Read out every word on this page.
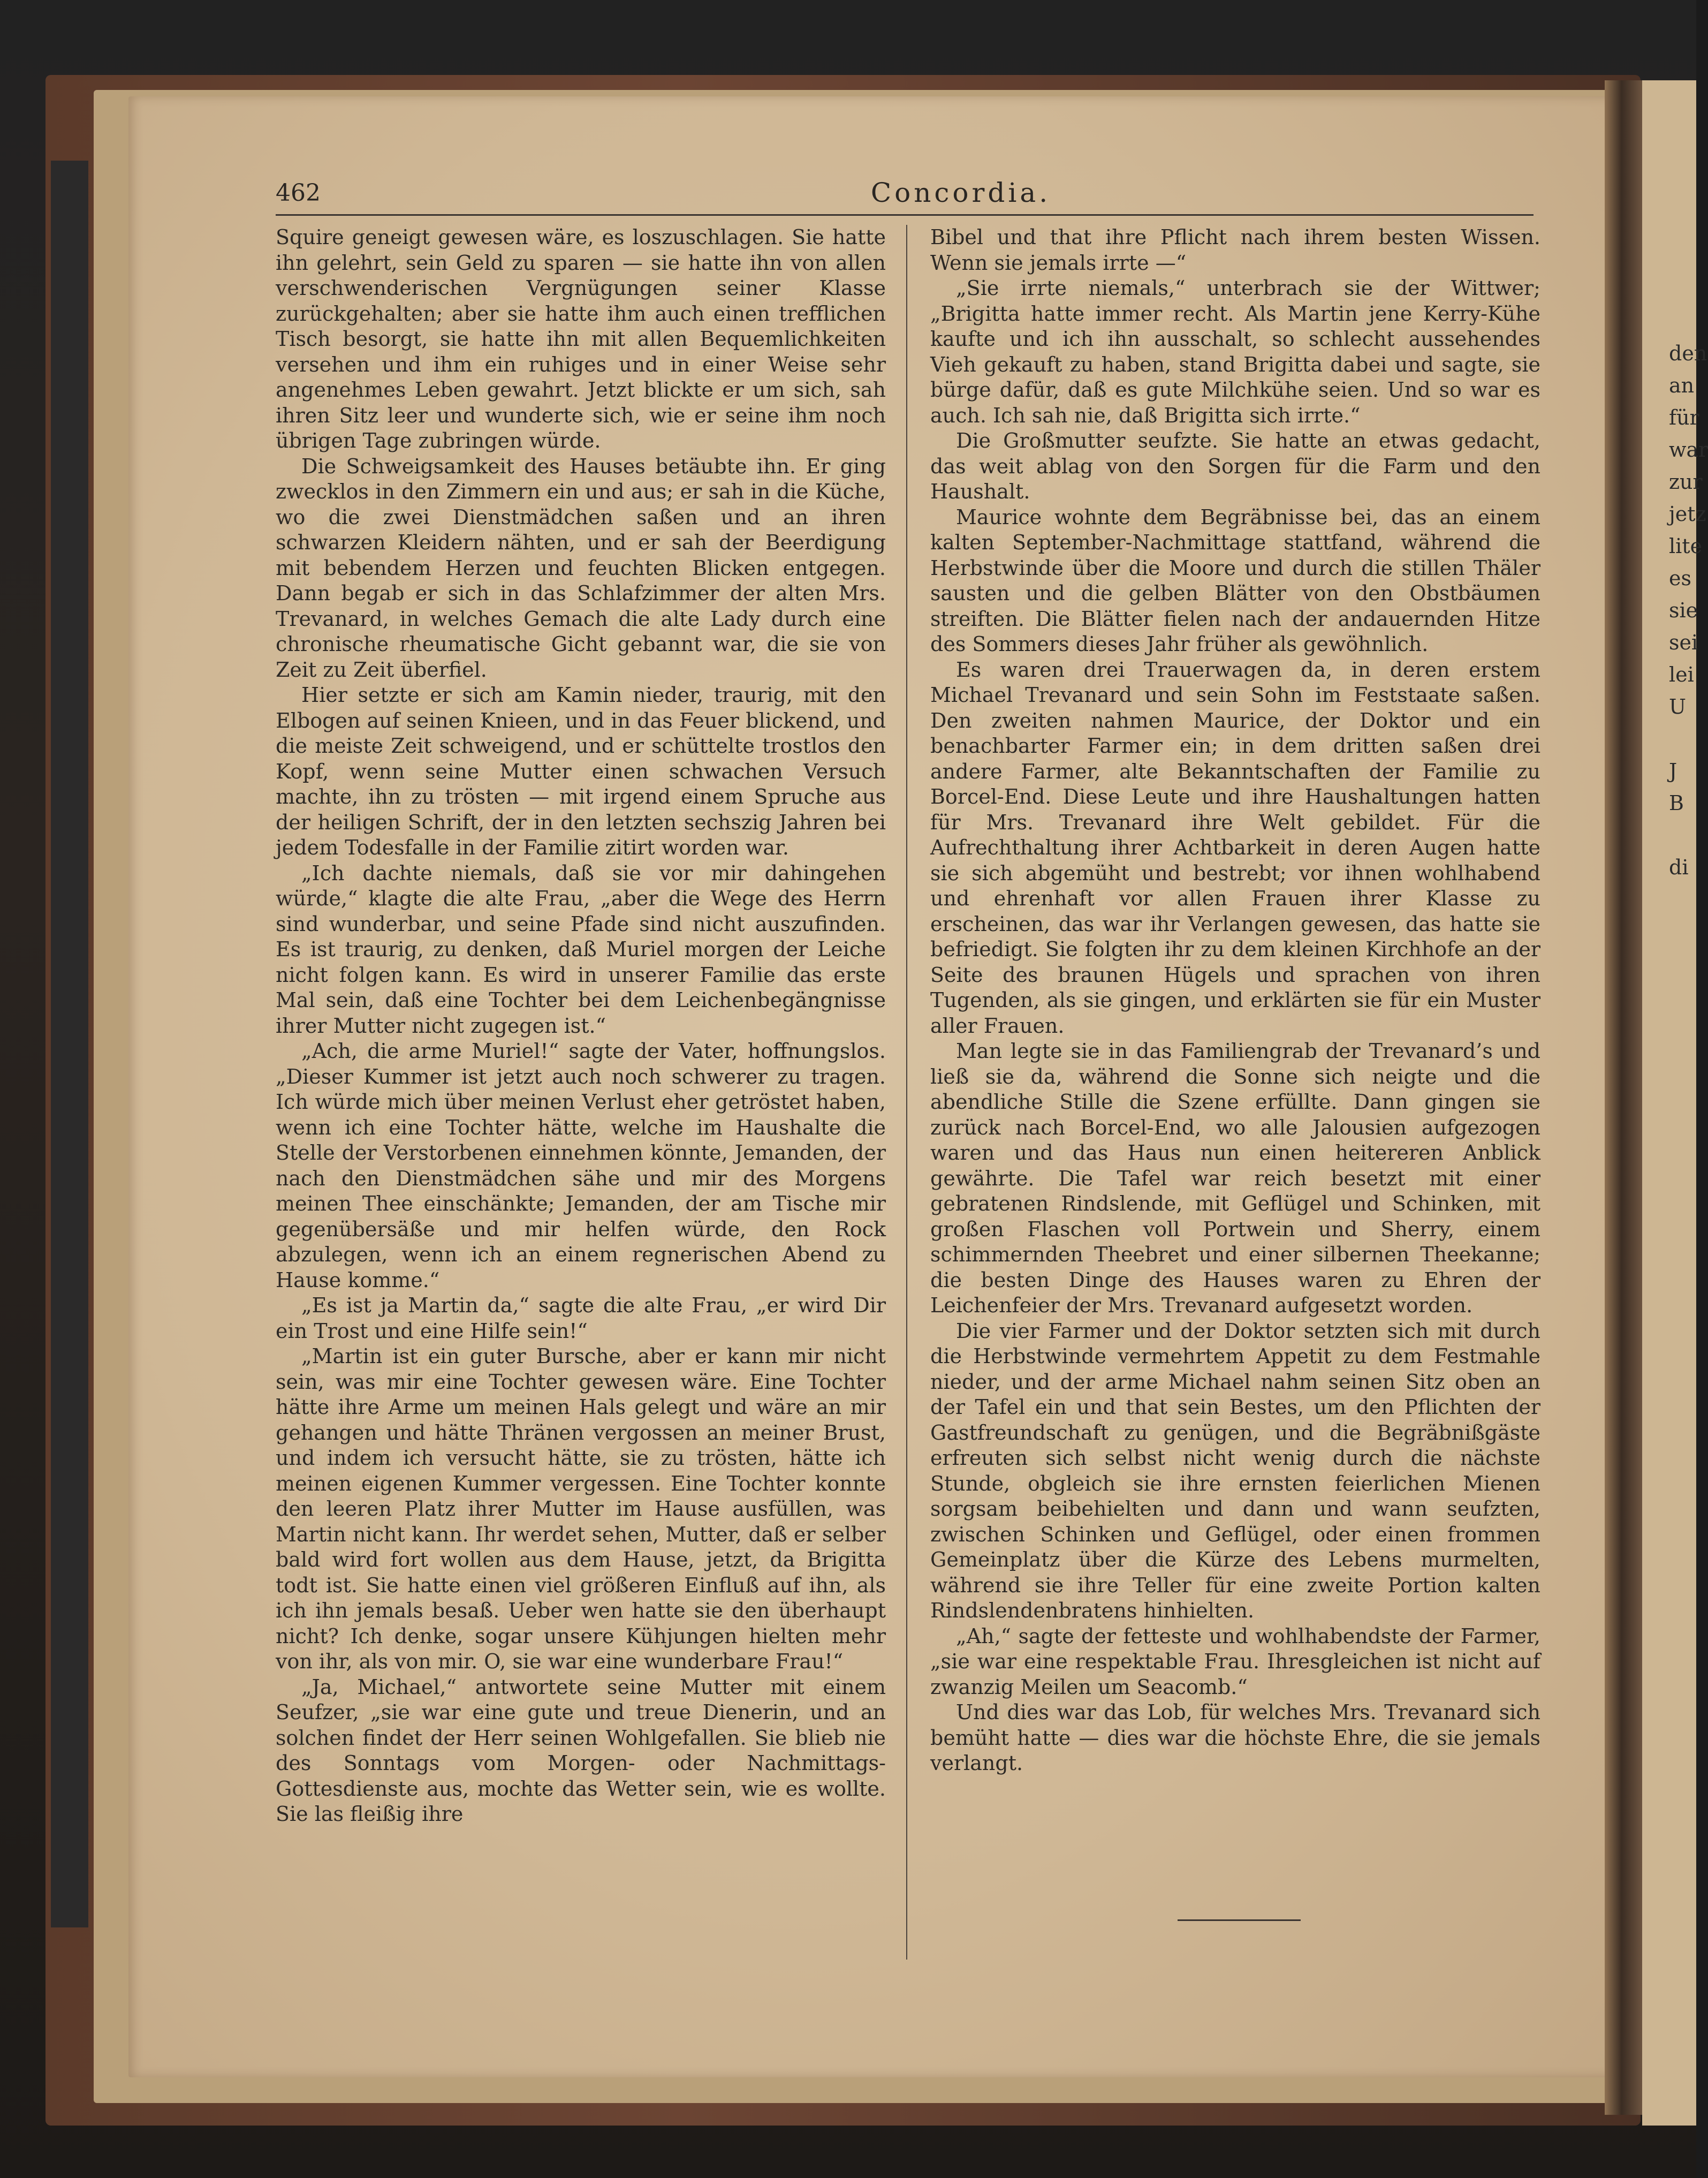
462	Concordia.

Squire geneigt gewesen wäre, es loszuschlagen. Sie hatte ihn gelehrt, sein Geld zu sparen — sie hatte ihn von allen verschwenderischen Vergnügungen seiner Klasse zurückgehalten; aber sie hatte ihm auch einen trefflichen Tisch besorgt, sie hatte ihn mit allen Bequemlichkeiten versehen und ihm ein ruhiges und in einer Weise sehr angenehmes Leben gewahrt. Jetzt blickte er um sich, sah ihren Sitz leer und wunderte sich, wie er seine ihm noch übrigen Tage zubringen würde.

Die Schweigsamkeit des Hauses betäubte ihn. Er ging zwecklos in den Zimmern ein und aus; er sah in die Küche, wo die zwei Dienstmädchen saßen und an ihren schwarzen Kleidern nähten, und er sah der Beerdigung mit bebendem Herzen und feuchten Blicken entgegen. Dann begab er sich in das Schlafzimmer der alten Mrs. Trevanard, in welches Gemach die alte Lady durch eine chronische rheumatische Gicht gebannt war, die sie von Zeit zu Zeit überfiel.

Hier setzte er sich am Kamin nieder, traurig, mit den Elbogen auf seinen Knieen, und in das Feuer blickend, und die meiste Zeit schweigend, und er schüttelte trostlos den Kopf, wenn seine Mutter einen schwachen Versuch machte, ihn zu trösten — mit irgend einem Spruche aus der heiligen Schrift, der in den letzten sechszig Jahren bei jedem Todesfalle in der Familie zitirt worden war.

„Ich dachte niemals, daß sie vor mir dahingehen würde,“ klagte die alte Frau, „aber die Wege des Herrn sind wunderbar, und seine Pfade sind nicht auszufinden. Es ist traurig, zu denken, daß Muriel morgen der Leiche nicht folgen kann. Es wird in unserer Familie das erste Mal sein, daß eine Tochter bei dem Leichenbegängnisse ihrer Mutter nicht zugegen ist.“

„Ach, die arme Muriel!“ sagte der Vater, hoffnungslos. „Dieser Kummer ist jetzt auch noch schwerer zu tragen. Ich würde mich über meinen Verlust eher getröstet haben, wenn ich eine Tochter hätte, welche im Haushalte die Stelle der Verstorbenen einnehmen könnte, Jemanden, der nach den Dienstmädchen sähe und mir des Morgens meinen Thee einschänkte; Jemanden, der am Tische mir gegenübersäße und mir helfen würde, den Rock abzulegen, wenn ich an einem regnerischen Abend zu Hause komme.“

„Es ist ja Martin da,“ sagte die alte Frau, „er wird Dir ein Trost und eine Hilfe sein!“

„Martin ist ein guter Bursche, aber er kann mir nicht sein, was mir eine Tochter gewesen wäre. Eine Tochter hätte ihre Arme um meinen Hals gelegt und wäre an mir gehangen und hätte Thränen vergossen an meiner Brust, und indem ich versucht hätte, sie zu trösten, hätte ich meinen eigenen Kummer vergessen. Eine Tochter konnte den leeren Platz ihrer Mutter im Hause ausfüllen, was Martin nicht kann. Ihr werdet sehen, Mutter, daß er selber bald wird fort wollen aus dem Hause, jetzt, da Brigitta todt ist. Sie hatte einen viel größeren Einfluß auf ihn, als ich ihn jemals besaß. Ueber wen hatte sie den überhaupt nicht? Ich denke, sogar unsere Kühjungen hielten mehr von ihr, als von mir. O, sie war eine wunderbare Frau!“

„Ja, Michael,“ antwortete seine Mutter mit einem Seufzer, „sie war eine gute und treue Dienerin, und an solchen findet der Herr seinen Wohlgefallen. Sie blieb nie des Sonntags vom Morgen- oder Nachmittags-Gottesdienste aus, mochte das Wetter sein, wie es wollte. Sie las fleißig ihre

Bibel und that ihre Pflicht nach ihrem besten Wissen. Wenn sie jemals irrte —“

„Sie irrte niemals,“ unterbrach sie der Wittwer; „Brigitta hatte immer recht. Als Martin jene Kerry-Kühe kaufte und ich ihn ausschalt, so schlecht aussehendes Vieh gekauft zu haben, stand Brigitta dabei und sagte, sie bürge dafür, daß es gute Milchkühe seien. Und so war es auch. Ich sah nie, daß Brigitta sich irrte.“

Die Großmutter seufzte. Sie hatte an etwas gedacht, das weit ablag von den Sorgen für die Farm und den Haushalt.

Maurice wohnte dem Begräbnisse bei, das an einem kalten September-Nachmittage stattfand, während die Herbstwinde über die Moore und durch die stillen Thäler sausten und die gelben Blätter von den Obstbäumen streiften. Die Blätter fielen nach der andauernden Hitze des Sommers dieses Jahr früher als gewöhnlich.

Es waren drei Trauerwagen da, in deren erstem Michael Trevanard und sein Sohn im Feststaate saßen. Den zweiten nahmen Maurice, der Doktor und ein benachbarter Farmer ein; in dem dritten saßen drei andere Farmer, alte Bekanntschaften der Familie zu Borcel-End. Diese Leute und ihre Haushaltungen hatten für Mrs. Trevanard ihre Welt gebildet. Für die Aufrechthaltung ihrer Achtbarkeit in deren Augen hatte sie sich abgemüht und bestrebt; vor ihnen wohlhabend und ehrenhaft vor allen Frauen ihrer Klasse zu erscheinen, das war ihr Verlangen gewesen, das hatte sie befriedigt. Sie folgten ihr zu dem kleinen Kirchhofe an der Seite des braunen Hügels und sprachen von ihren Tugenden, als sie gingen, und erklärten sie für ein Muster aller Frauen.

Man legte sie in das Familiengrab der Trevanard’s und ließ sie da, während die Sonne sich neigte und die abendliche Stille die Szene erfüllte. Dann gingen sie zurück nach Borcel-End, wo alle Jalousien aufgezogen waren und das Haus nun einen heitereren Anblick gewährte. Die Tafel war reich besetzt mit einer gebratenen Rindslende, mit Geflügel und Schinken, mit großen Flaschen voll Portwein und Sherry, einem schimmernden Theebret und einer silbernen Theekanne; die besten Dinge des Hauses waren zu Ehren der Leichenfeier der Mrs. Trevanard aufgesetzt worden.

Die vier Farmer und der Doktor setzten sich mit durch die Herbstwinde vermehrtem Appetit zu dem Festmahle nieder, und der arme Michael nahm seinen Sitz oben an der Tafel ein und that sein Bestes, um den Pflichten der Gastfreundschaft zu genügen, und die Begräbnißgäste erfreuten sich selbst nicht wenig durch die nächste Stunde, obgleich sie ihre ernsten feierlichen Mienen sorgsam beibehielten und dann und wann seufzten, zwischen Schinken und Geflügel, oder einen frommen Gemeinplatz über die Kürze des Lebens murmelten, während sie ihre Teller für eine zweite Portion kalten Rindslendenbratens hinhielten.

„Ah,“ sagte der fetteste und wohlhabendste der Farmer, „sie war eine respektable Frau. Ihresgleichen ist nicht auf zwanzig Meilen um Seacomb.“

Und dies war das Lob, für welches Mrs. Trevanard sich bemüht hatte — dies war die höchste Ehre, die sie jemals verlangt.

den
an
für
war
zur
jetz
lite
es
sie
sei
lei
U
J
B
di
